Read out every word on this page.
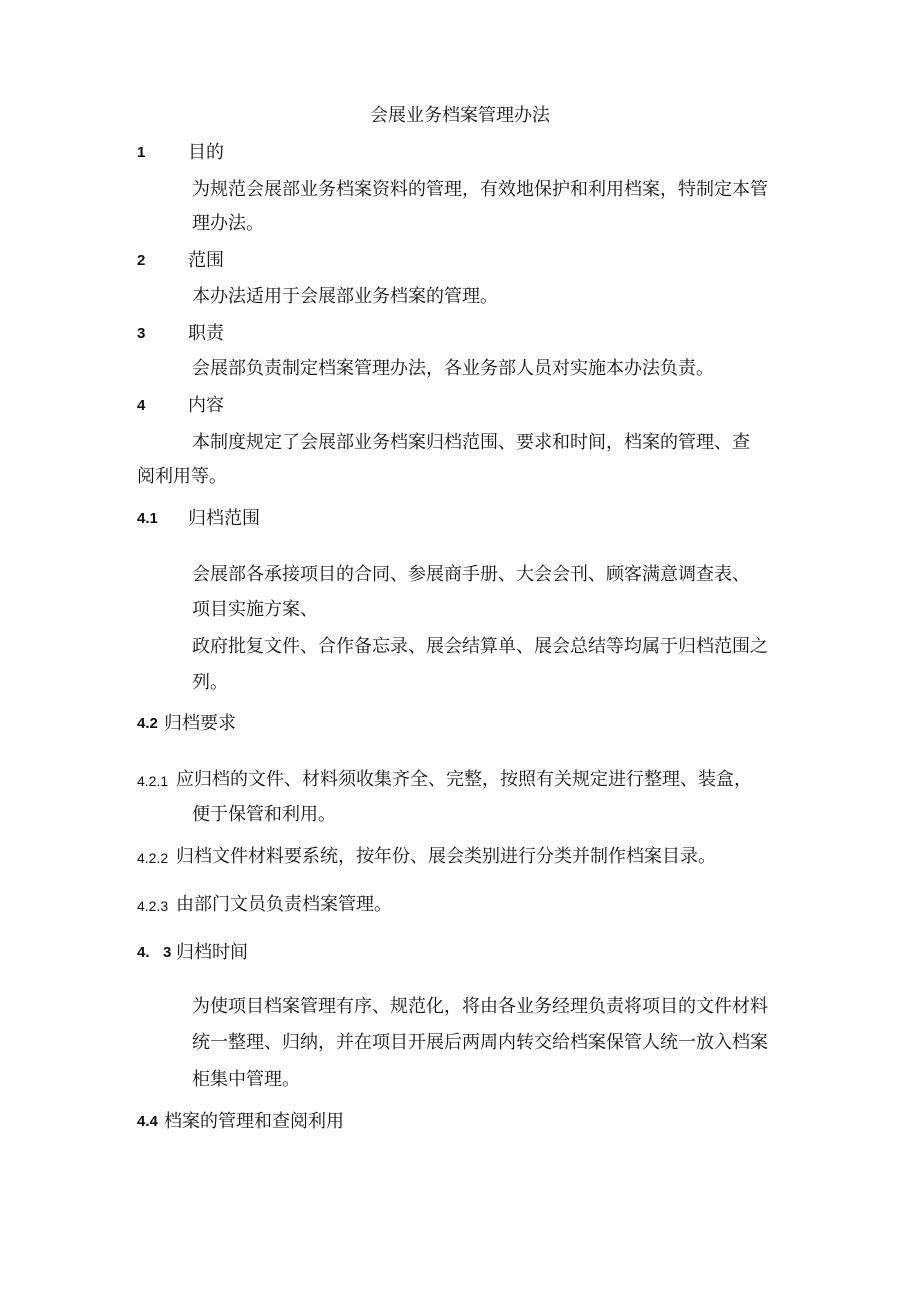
会展业务档案管理办法
1 目的
为规范会展部业务档案资料的管理，有效地保护和利用档案，特制定本管
理办法。
2 范围
本办法适用于会展部业务档案的管理。
3 职责
会展部负责制定档案管理办法，各业务部人员对实施本办法负责。
4 内容
本制度规定了会展部业务档案归档范围、要求和时间，档案的管理、查
阅利用等。
4.1 归档范围
会展部各承接项目的合同、参展商手册、大会会刊、顾客满意调查表、
项目实施方案、
政府批复文件、合作备忘录、展会结算单、展会总结等均属于归档范围之
列。
4.2 归档要求
4.2.1 应归档的文件、材料须收集齐全、完整，按照有关规定进行整理、装盒，
便于保管和利用。
4.2.2 归档文件材料要系统，按年份、展会类别进行分类并制作档案目录。
4.2.3 由部门文员负责档案管理。
4. 3 归档时间
为使项目档案管理有序、规范化，将由各业务经理负责将项目的文件材料
统一整理、归纳，并在项目开展后两周内转交给档案保管人统一放入档案
柜集中管理。
4.4 档案的管理和查阅利用
